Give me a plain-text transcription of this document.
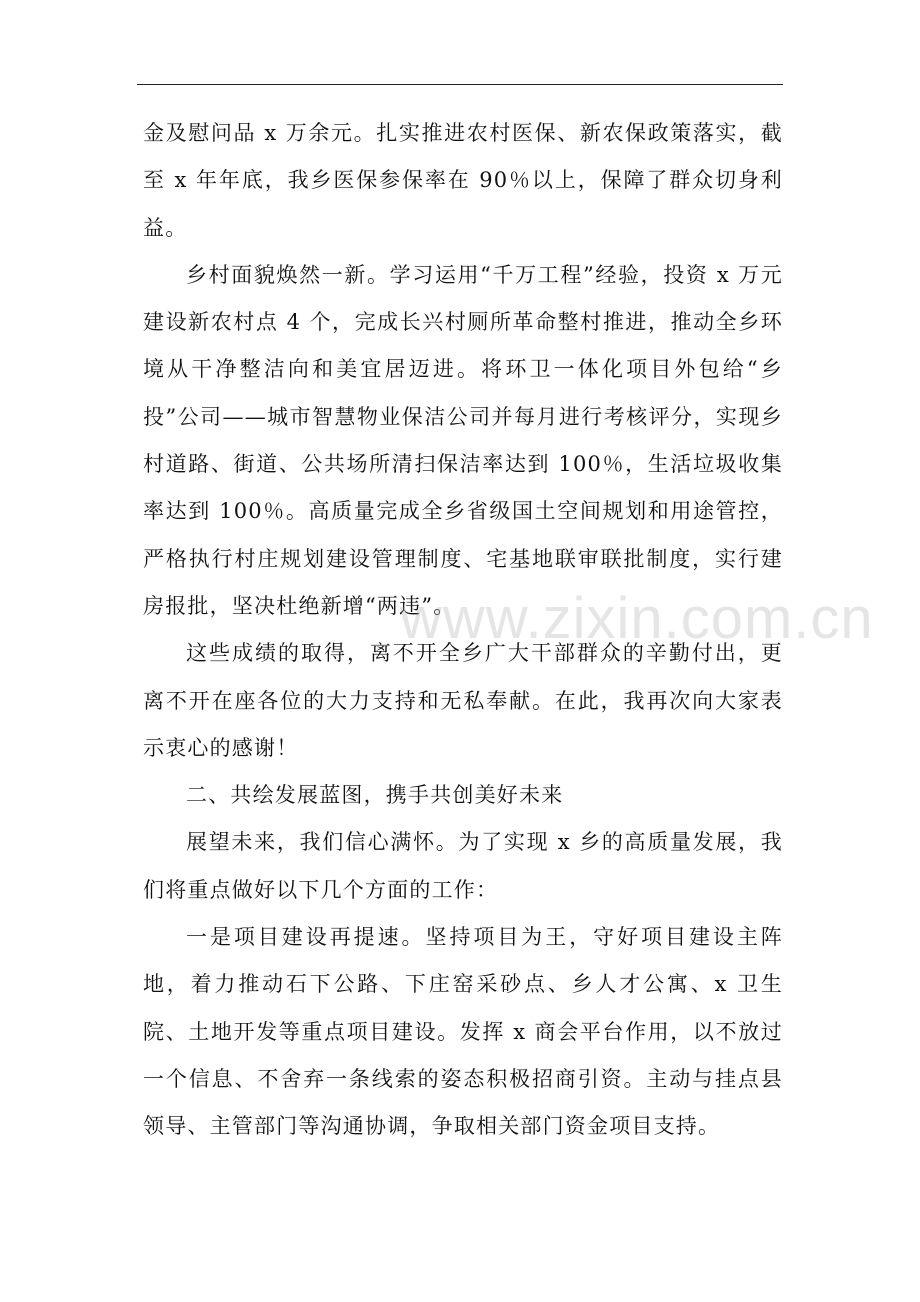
金及慰问品 x 万余元。扎实推进农村医保、新农保政策落实，截至 x 年年底，我乡医保参保率在 90％以上，保障了群众切身利益。

乡村面貌焕然一新。学习运用“千万工程”经验，投资 x 万元建设新农村点 4 个，完成长兴村厕所革命整村推进，推动全乡环境从干净整洁向和美宜居迈进。将环卫一体化项目外包给“乡投”公司——城市智慧物业保洁公司并每月进行考核评分，实现乡村道路、街道、公共场所清扫保洁率达到 100％，生活垃圾收集率达到 100％。高质量完成全乡省级国土空间规划和用途管控，严格执行村庄规划建设管理制度、宅基地联审联批制度，实行建房报批，坚决杜绝新增“两违”。

这些成绩的取得，离不开全乡广大干部群众的辛勤付出，更离不开在座各位的大力支持和无私奉献。在此，我再次向大家表示衷心的感谢！

二、共绘发展蓝图，携手共创美好未来

展望未来，我们信心满怀。为了实现 x 乡的高质量发展，我们将重点做好以下几个方面的工作：

一是项目建设再提速。坚持项目为王，守好项目建设主阵地，着力推动石下公路、下庄窑采砂点、乡人才公寓、x 卫生院、土地开发等重点项目建设。发挥 x 商会平台作用，以不放过一个信息、不舍弃一条线索的姿态积极招商引资。主动与挂点县领导、主管部门等沟通协调，争取相关部门资金项目支持。

www.zixin.com.cn
